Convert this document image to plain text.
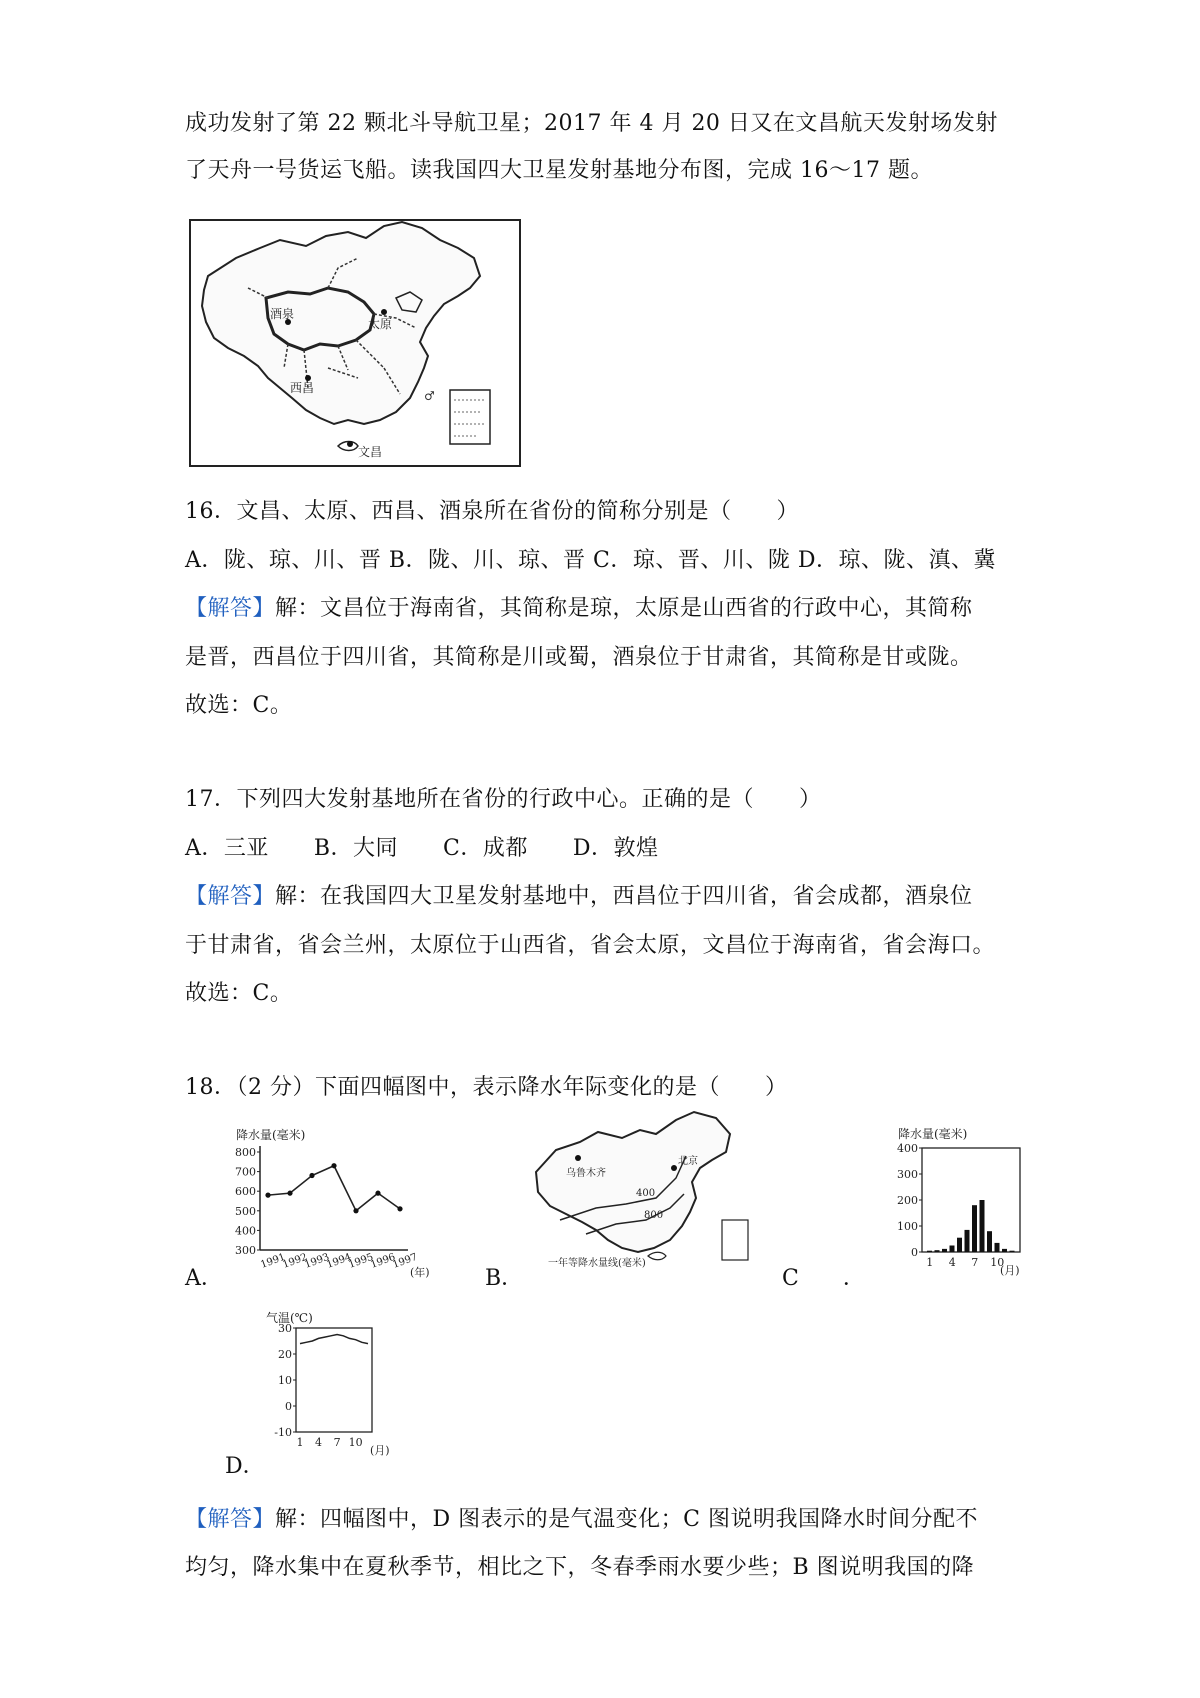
成功发射了第 22 颗北斗导航卫星；2017 年 4 月 20 日又在文昌航天发射场发射
了天舟一号货运飞船。读我国四大卫星发射基地分布图，完成 16～17 题。
♂
酒泉
太原
西昌
文昌
16．文昌、太原、西昌、酒泉所在省份的简称分别是（　　）
A．陇、琼、川、晋 B．陇、川、琼、晋 C．琼、晋、川、陇 D．琼、陇、滇、冀
【解答】解：文昌位于海南省，其简称是琼，太原是山西省的行政中心，其简称
是晋，西昌位于四川省，其简称是川或蜀，酒泉位于甘肃省，其简称是甘或陇。
故选：C。
17．下列四大发射基地所在省份的行政中心。正确的是（　　）
A．三亚　　B．大同　　C．成都　　D．敦煌
【解答】解：在我国四大卫星发射基地中，西昌位于四川省，省会成都，酒泉位
于甘肃省，省会兰州，太原位于山西省，省会太原，文昌位于海南省，省会海口。
故选：C。
18．（2 分）下面四幅图中，表示降水年际变化的是（　　）
A．	B．	C　　．
D．
降水量(毫米)
(年)
300
400
500
600
700
800
1991
1992
1993
1994
1995
1996
1997
乌鲁木齐
北京
400
800
一年等降水量线(毫米)
降水量(毫米)
(月)
0
100
200
300
400
1 4 7 10
气温(℃)
(月)
-10
0
10
20
30
1 4 7 10
【解答】解：四幅图中，D 图表示的是气温变化；C 图说明我国降水时间分配不
均匀，降水集中在夏秋季节，相比之下，冬春季雨水要少些；B 图说明我国的降
